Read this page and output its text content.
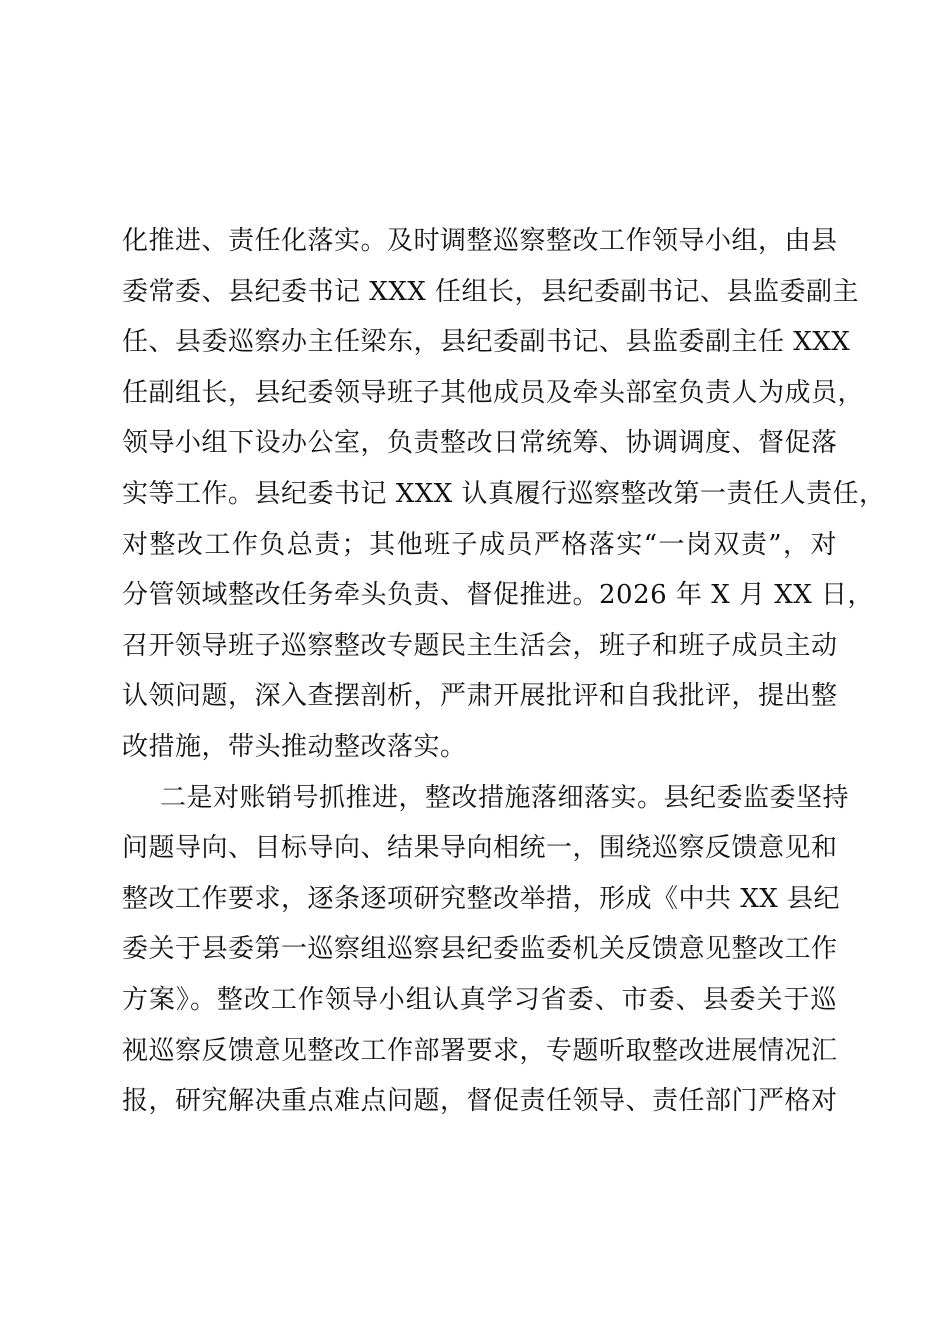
化推进、责任化落实。及时调整巡察整改工作领导小组，由县
委常委、县纪委书记 XXX 任组长，县纪委副书记、县监委副主
任、县委巡察办主任梁东，县纪委副书记、县监委副主任 XXX
任副组长，县纪委领导班子其他成员及牵头部室负责人为成员，
领导小组下设办公室，负责整改日常统筹、协调调度、督促落
实等工作。县纪委书记 XXX 认真履行巡察整改第一责任人责任，
对整改工作负总责；其他班子成员严格落实“一岗双责”，对
分管领域整改任务牵头负责、督促推进。2026 年 X 月 XX 日，
召开领导班子巡察整改专题民主生活会，班子和班子成员主动
认领问题，深入查摆剖析，严肃开展批评和自我批评，提出整
改措施，带头推动整改落实。
二是对账销号抓推进，整改措施落细落实。县纪委监委坚持
问题导向、目标导向、结果导向相统一，围绕巡察反馈意见和
整改工作要求，逐条逐项研究整改举措，形成《中共 XX 县纪
委关于县委第一巡察组巡察县纪委监委机关反馈意见整改工作
方案》。整改工作领导小组认真学习省委、市委、县委关于巡
视巡察反馈意见整改工作部署要求，专题听取整改进展情况汇
报，研究解决重点难点问题，督促责任领导、责任部门严格对
